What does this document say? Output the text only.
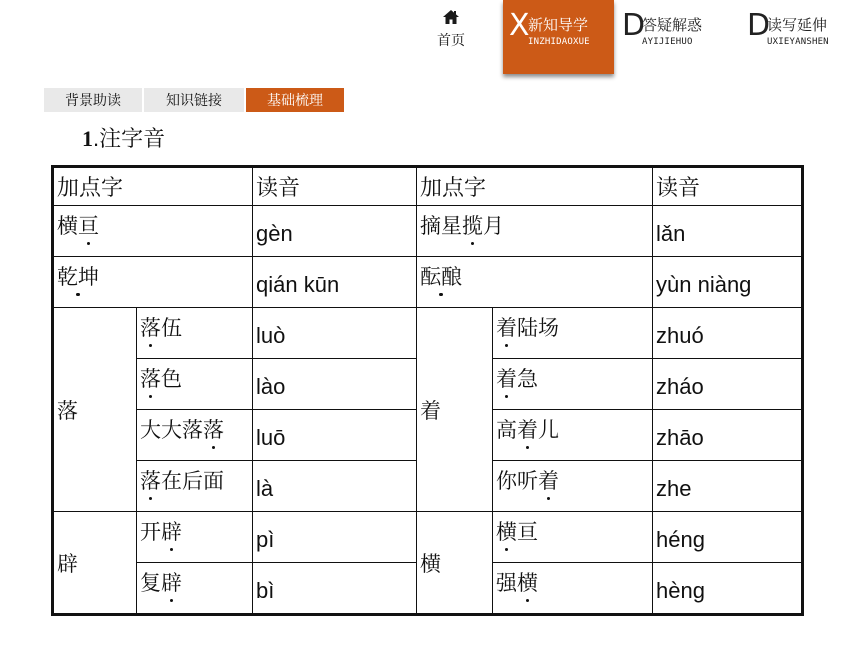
首页	X
新知导学
INZHIDAOXUE D
答疑解惑
AYIJIEHUO D
读写延伸
UXIEYANSHEN
背景助读	知识链接	基础梳理
1.注字音
加点字		读音	加点字		读音
横亘		gèn	摘星揽月		lǎn
乾坤		qián kūn	酝酿		yùn niàng
落	落伍	luò	着	着陆场	zhuó
	落色	lào		着急	zháo
	大大落落	luō		高着儿	zhāo
	落在后面	là		你听着	zhe
辟	开辟	pì	横	横亘	héng
	复辟	bì		强横	hèng
